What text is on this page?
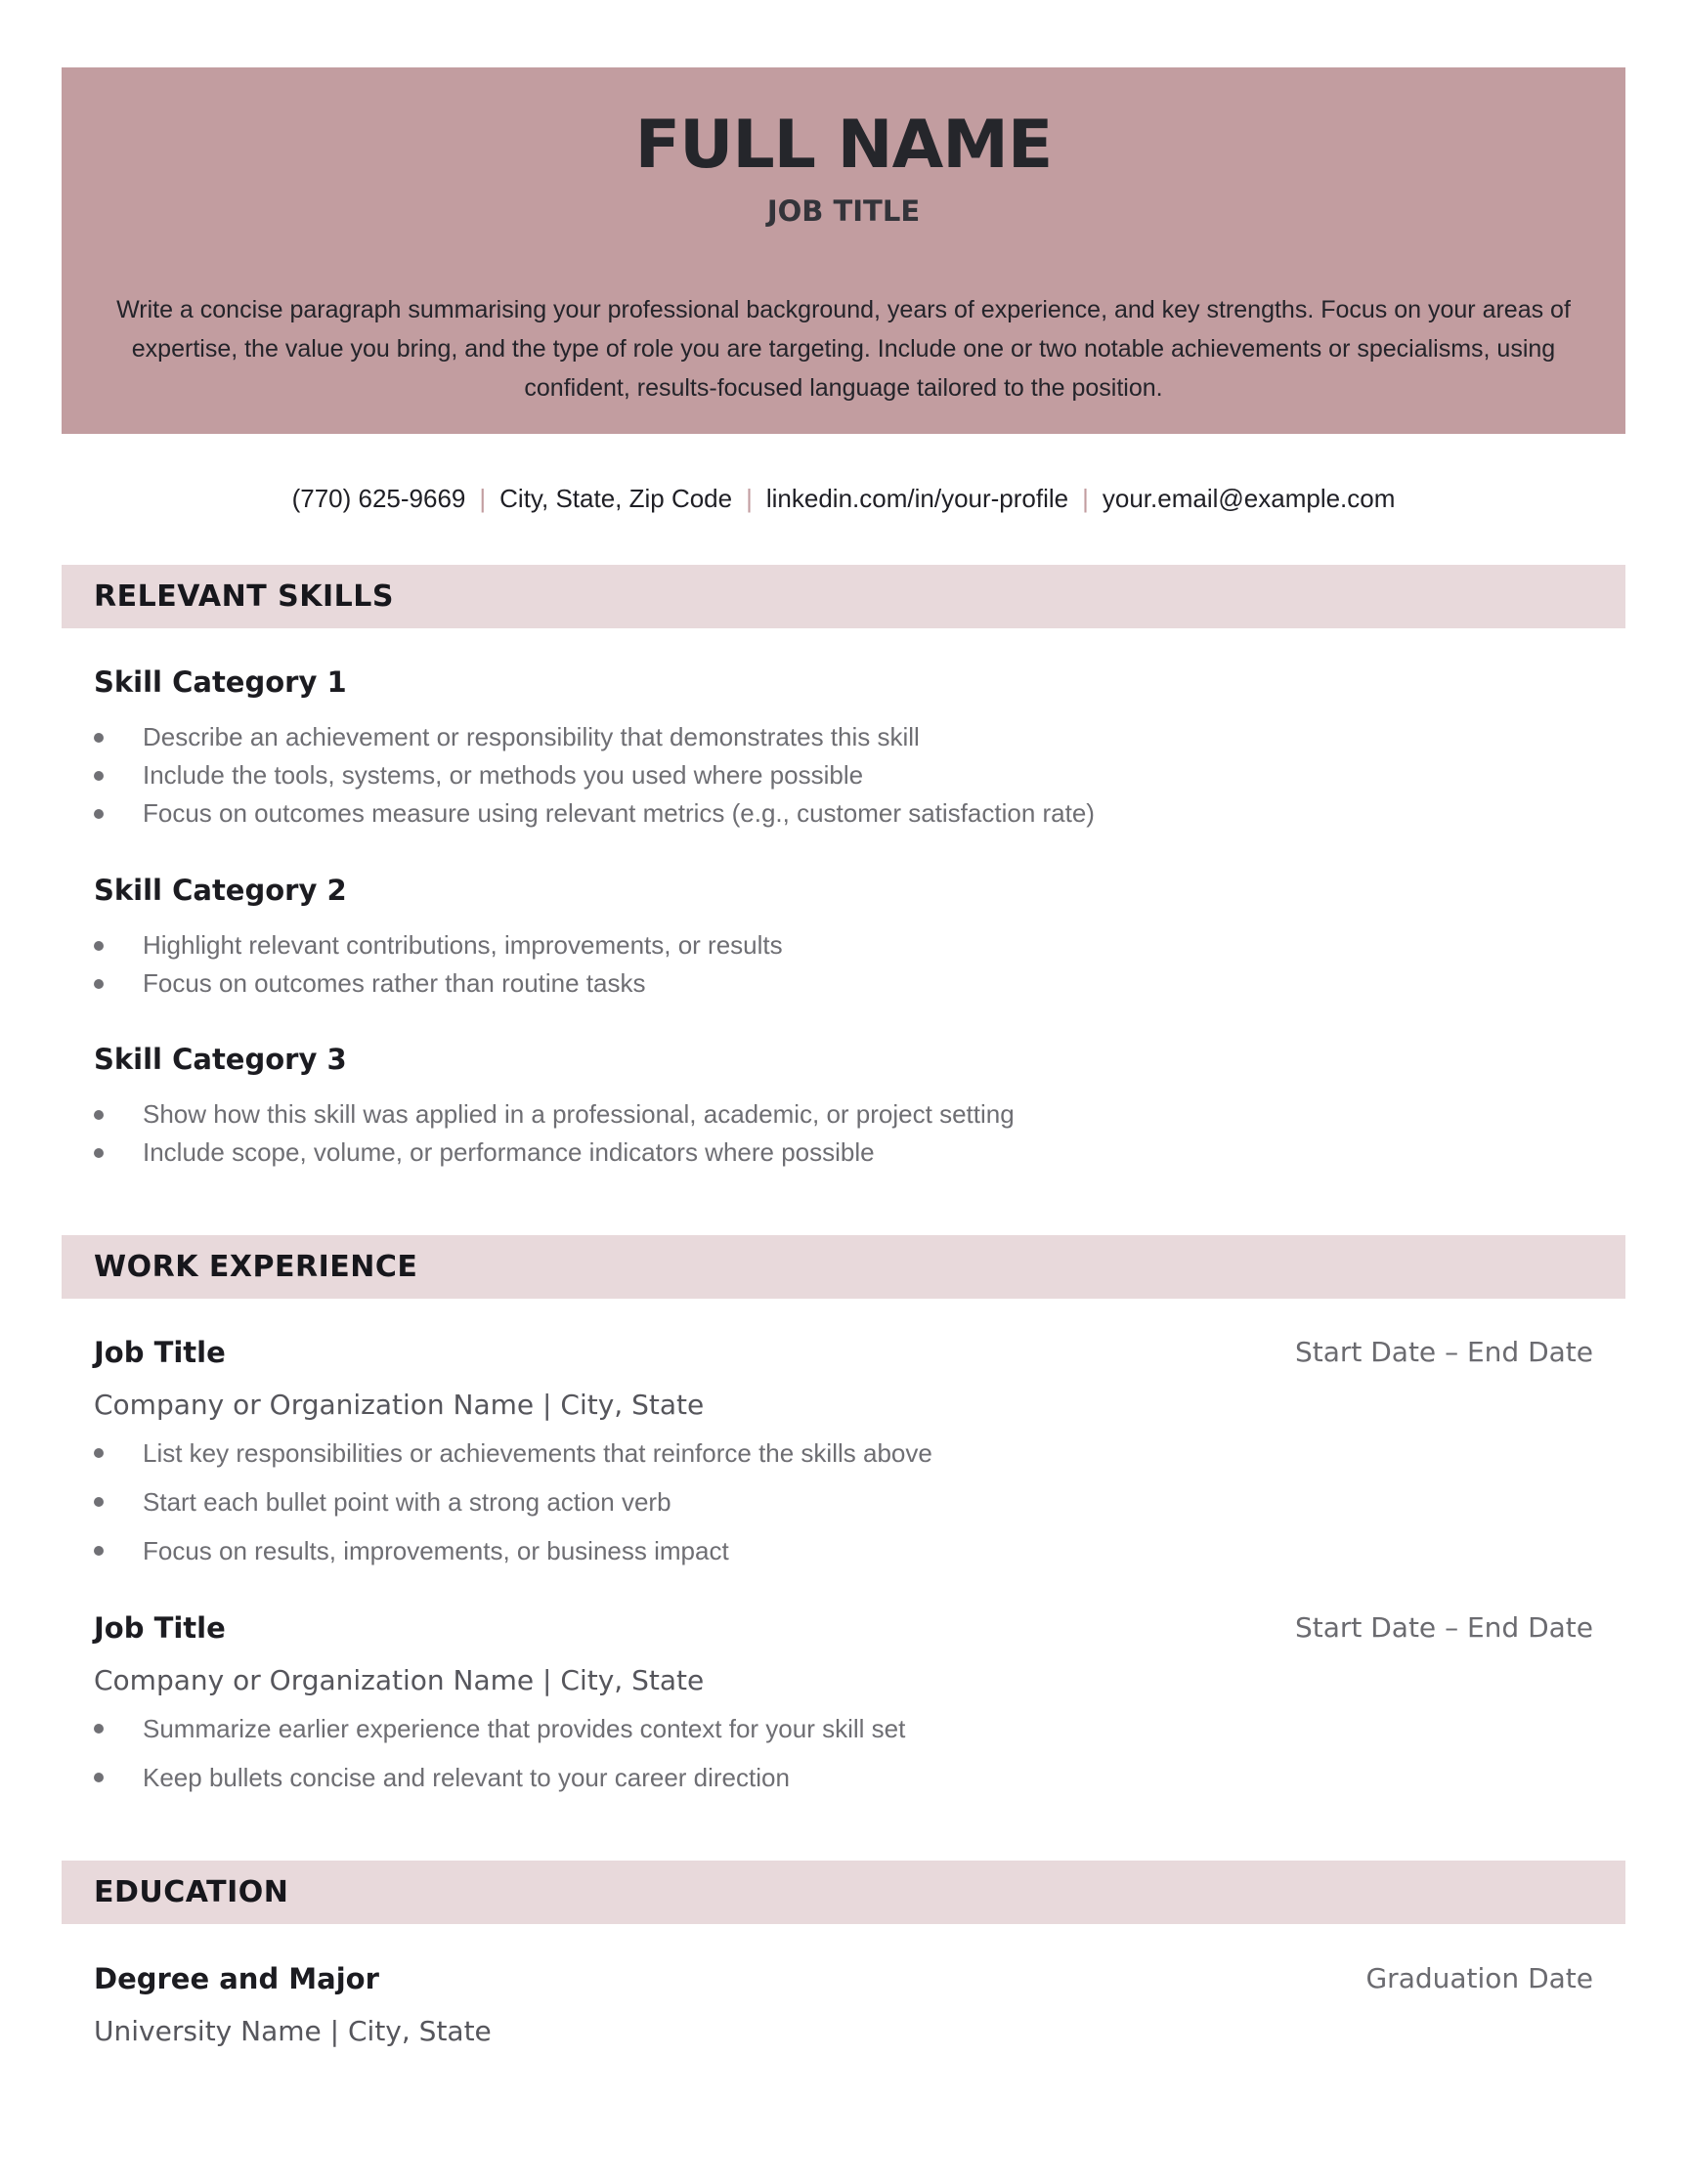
FULL NAME
JOB TITLE
Write a concise paragraph summarising your professional background, years of experience, and key strengths. Focus on your areas of expertise, the value you bring, and the type of role you are targeting. Include one or two notable achievements or specialisms, using confident, results-focused language tailored to the position.
(770) 625-9669 | City, State, Zip Code | linkedin.com/in/your-profile | your.email@example.com
RELEVANT SKILLS
Skill Category 1
Describe an achievement or responsibility that demonstrates this skill
Include the tools, systems, or methods you used where possible
Focus on outcomes measure using relevant metrics (e.g., customer satisfaction rate)
Skill Category 2
Highlight relevant contributions, improvements, or results
Focus on outcomes rather than routine tasks
Skill Category 3
Show how this skill was applied in a professional, academic, or project setting
Include scope, volume, or performance indicators where possible
WORK EXPERIENCE
Job Title	Start Date – End Date
Company or Organization Name | City, State
List key responsibilities or achievements that reinforce the skills above
Start each bullet point with a strong action verb
Focus on results, improvements, or business impact
Job Title	Start Date – End Date
Company or Organization Name | City, State
Summarize earlier experience that provides context for your skill set
Keep bullets concise and relevant to your career direction
EDUCATION
Degree and Major	Graduation Date
University Name | City, State
